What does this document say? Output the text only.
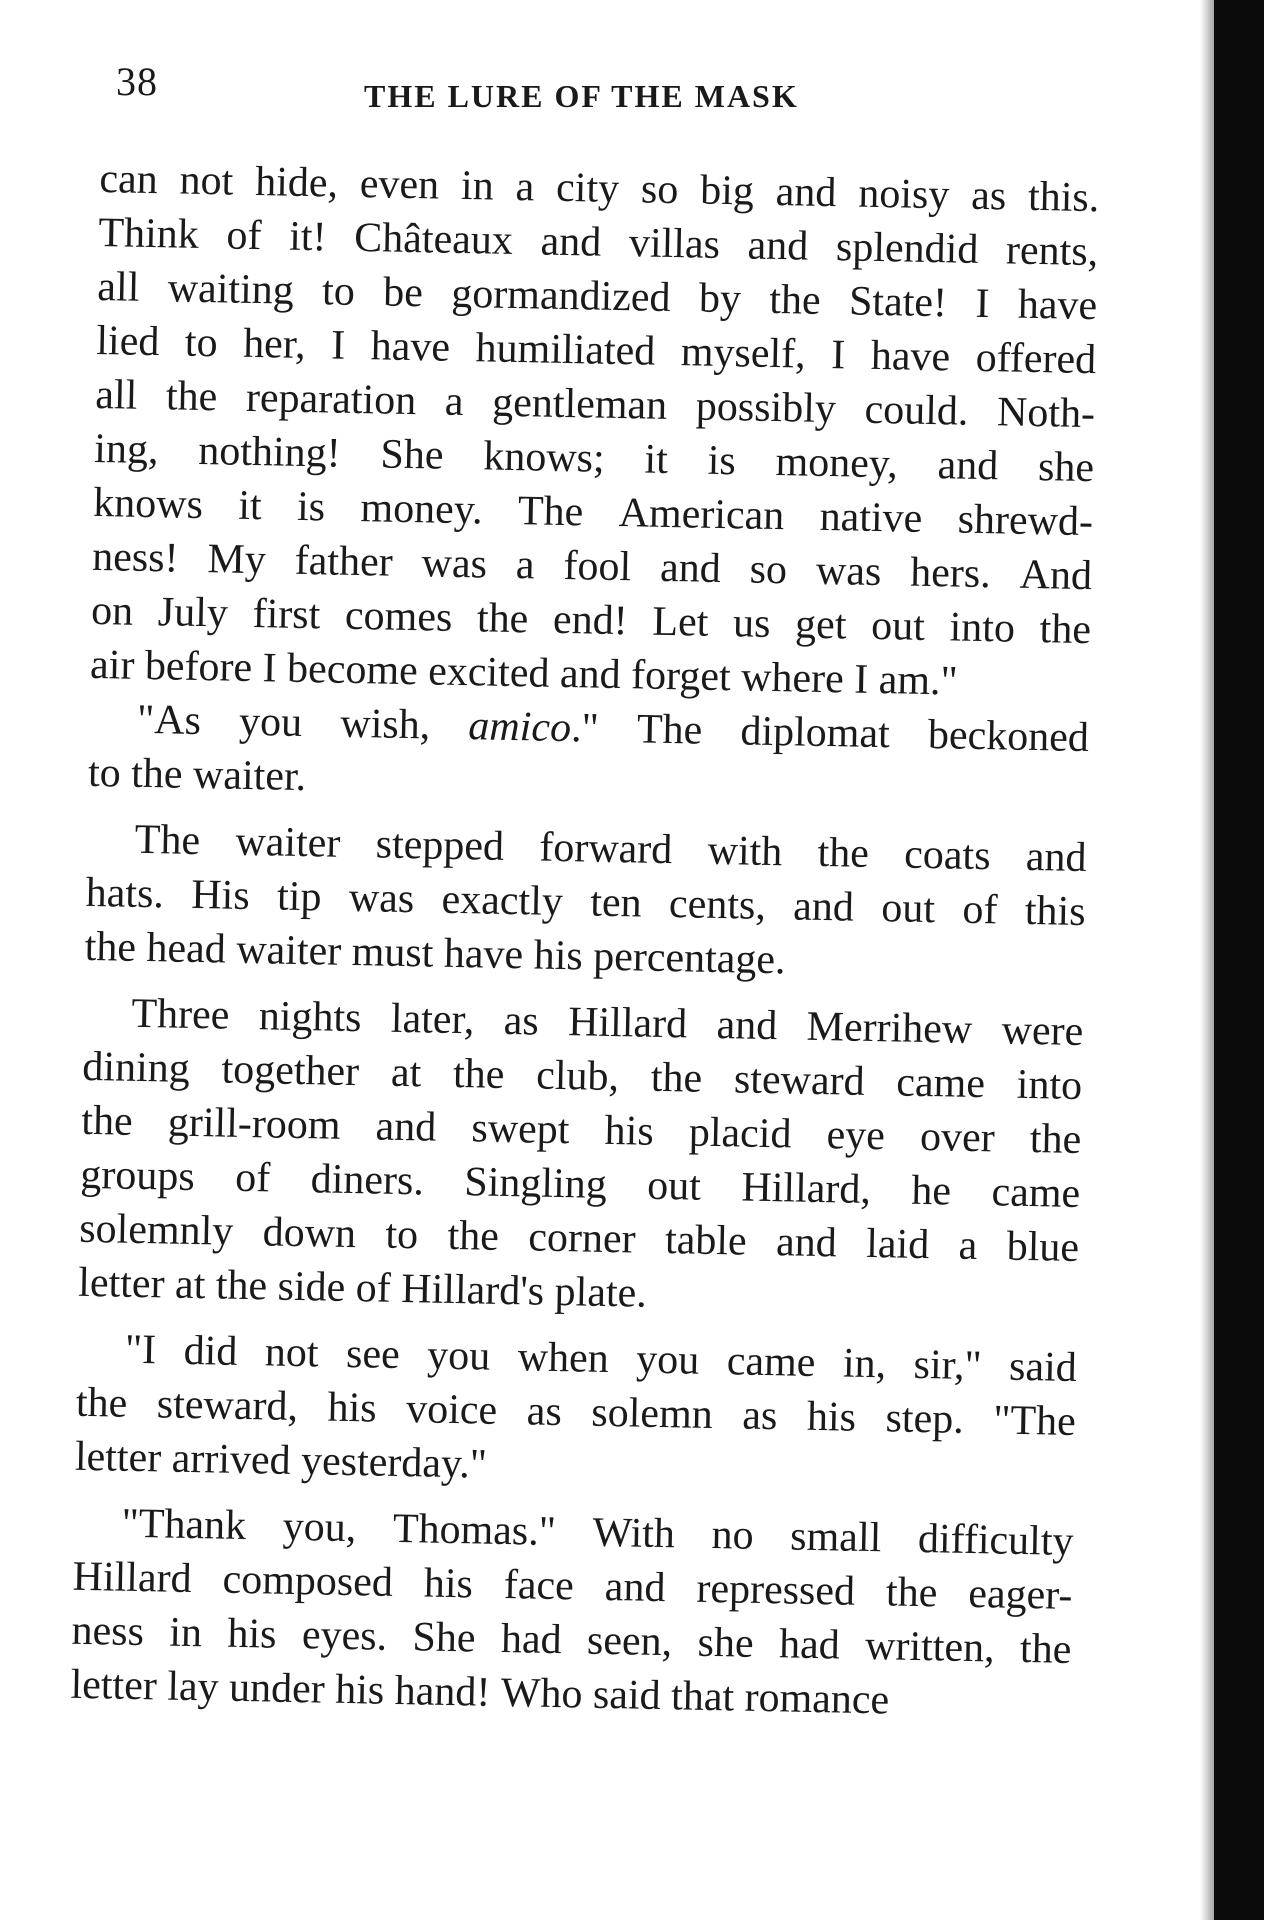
38	THE LURE OF THE MASK
can not hide, even in a city so big and noisy as this.
Think of it! Châteaux and villas and splendid rents,
all waiting to be gormandized by the State! I have
lied to her, I have humiliated myself, I have offered
all the reparation a gentleman possibly could. Noth-
ing, nothing! She knows; it is money, and she
knows it is money. The American native shrewd-
ness! My father was a fool and so was hers. And
on July first comes the end! Let us get out into the
air before I become excited and forget where I am."
"As you wish, amico." The diplomat beckoned
to the waiter.
The waiter stepped forward with the coats and
hats. His tip was exactly ten cents, and out of this
the head waiter must have his percentage.
Three nights later, as Hillard and Merrihew were
dining together at the club, the steward came into
the grill-room and swept his placid eye over the
groups of diners. Singling out Hillard, he came
solemnly down to the corner table and laid a blue
letter at the side of Hillard's plate.
"I did not see you when you came in, sir," said
the steward, his voice as solemn as his step. "The
letter arrived yesterday."
"Thank you, Thomas." With no small difficulty
Hillard composed his face and repressed the eager-
ness in his eyes. She had seen, she had written, the
letter lay under his hand! Who said that romance
